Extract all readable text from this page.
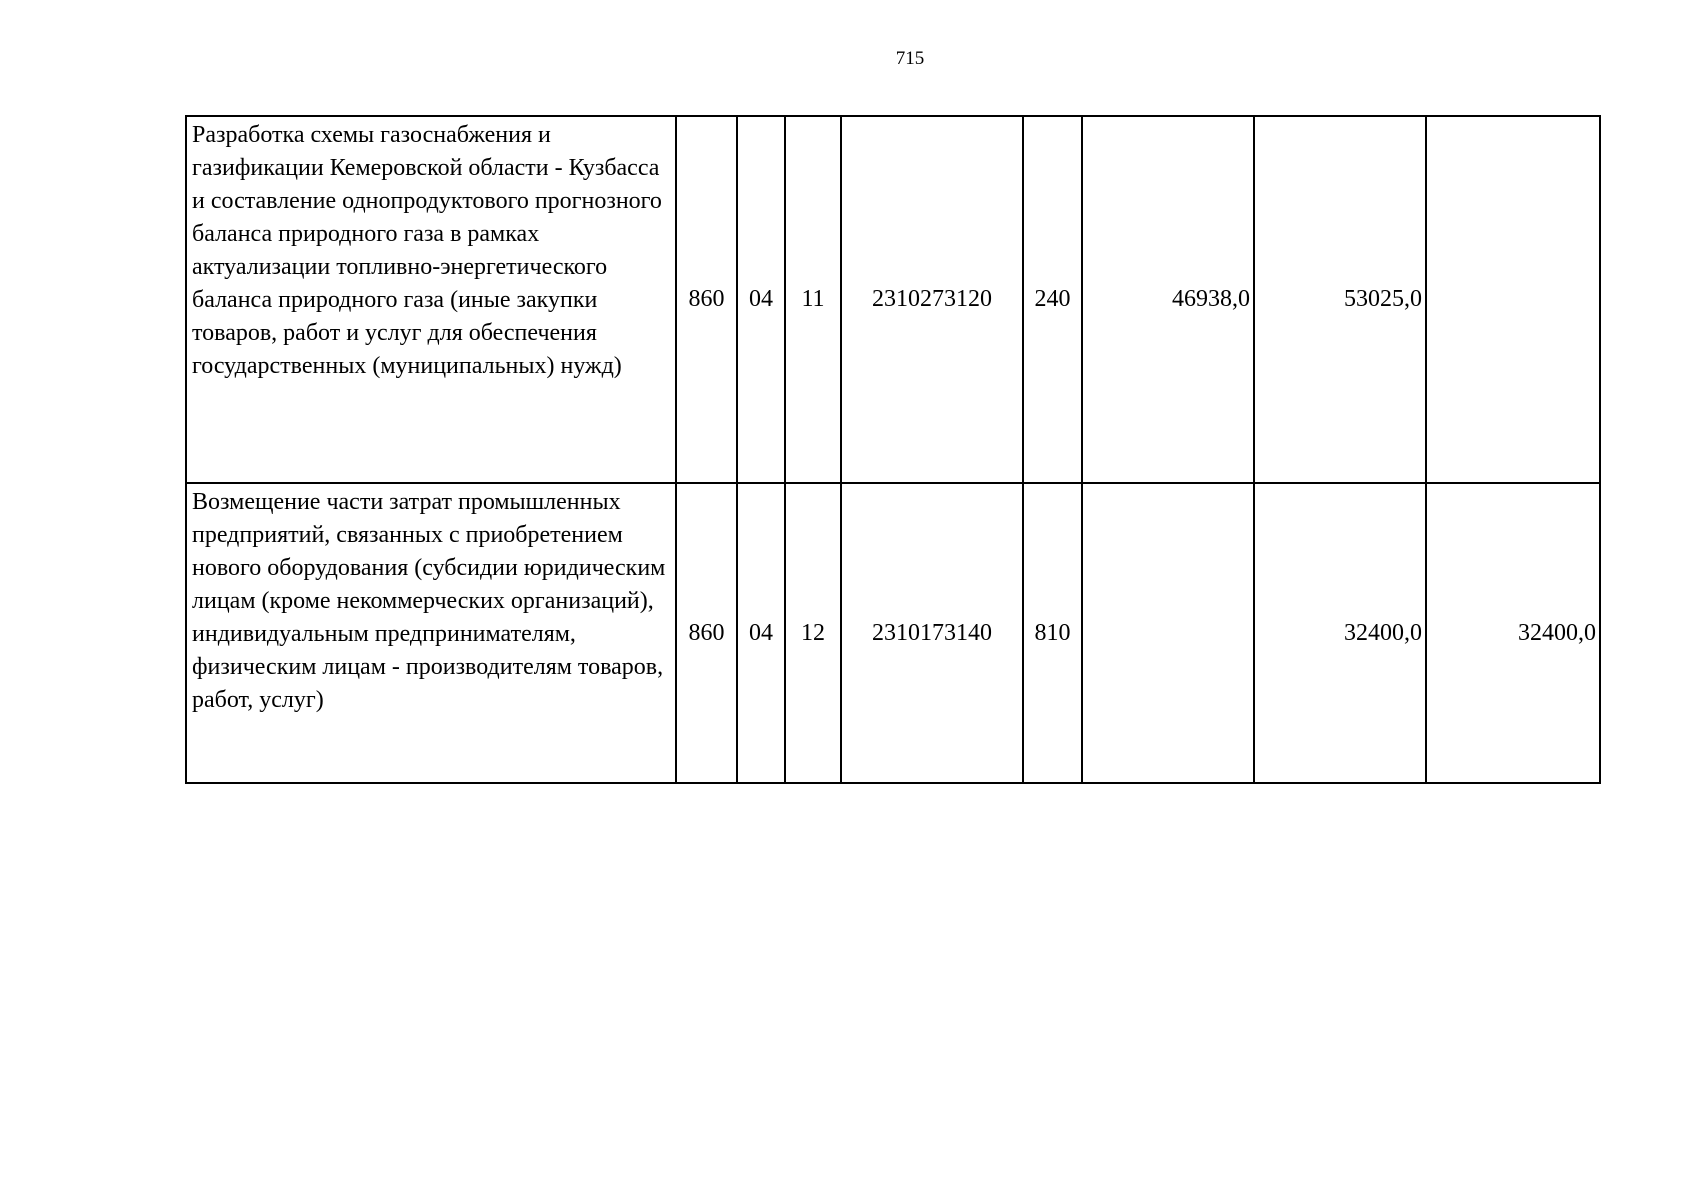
715
Разработка схемы газоснабжения и газификации Кемеровской области - Кузбасса и составление однопродуктового прогнозного баланса природного газа в рамках актуализации топливно-энергетического баланса природного газа (иные закупки товаров, работ и услуг для обеспечения государственных (муниципальных) нужд)	860	04	11	2310273120	240	46938,0	53025,0	
Возмещение части затрат промышленных предприятий, связанных с приобретением нового оборудования (субсидии юридическим лицам (кроме некоммерческих организаций), индивидуальным предпринимателям, физическим лицам - производителям товаров, работ, услуг)	860	04	12	2310173140	810		32400,0	32400,0
